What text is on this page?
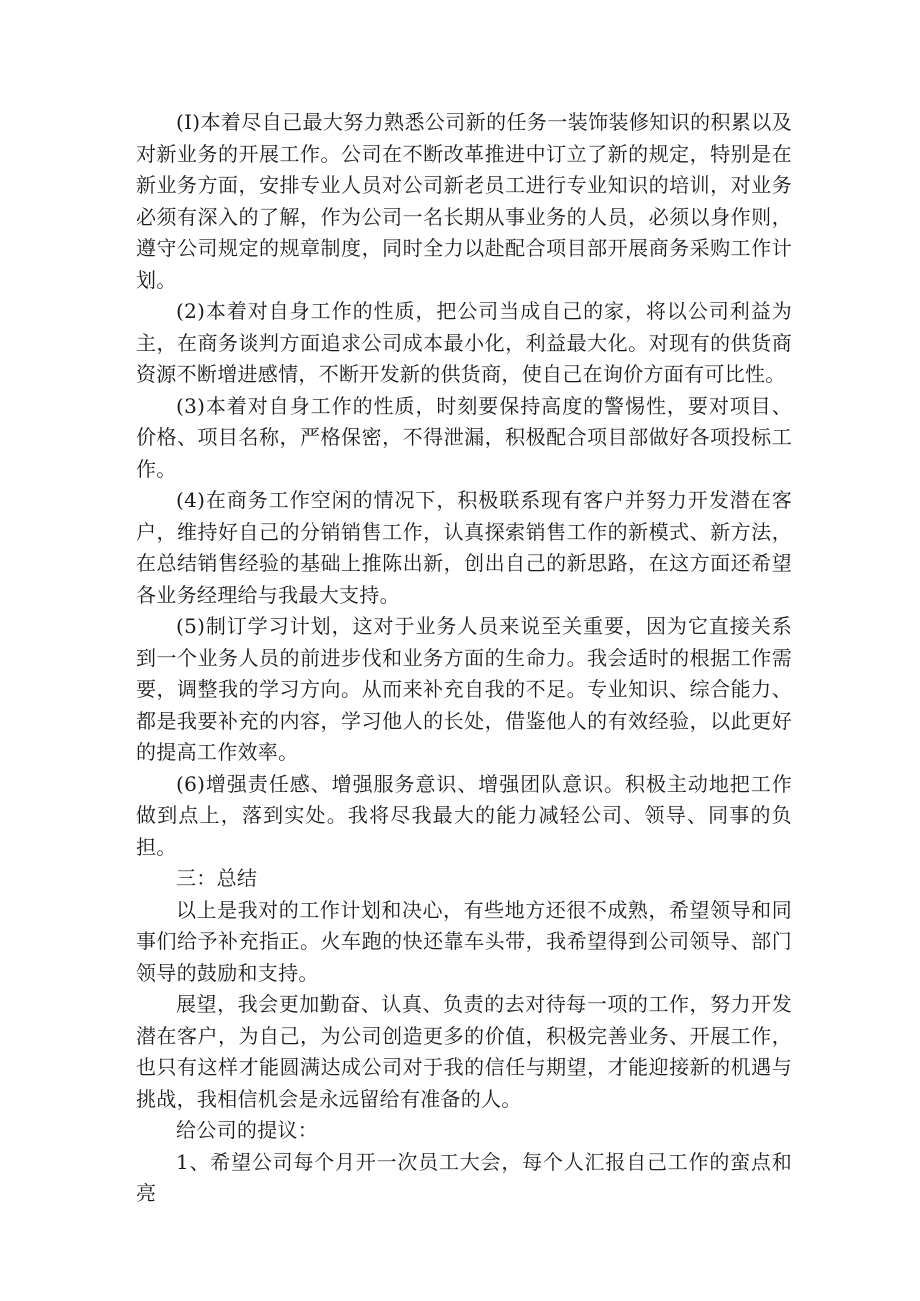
(I)本着尽自己最大努力熟悉公司新的任务一装饰装修知识的积累以及对新业务的开展工作。公司在不断改革推进中订立了新的规定，特别是在新业务方面，安排专业人员对公司新老员工进行专业知识的培训，对业务必须有深入的了解，作为公司一名长期从事业务的人员，必须以身作则，遵守公司规定的规章制度，同时全力以赴配合项目部开展商务采购工作计划。

(2)本着对自身工作的性质，把公司当成自己的家，将以公司利益为主，在商务谈判方面追求公司成本最小化，利益最大化。对现有的供货商资源不断增进感情，不断开发新的供货商，使自己在询价方面有可比性。

(3)本着对自身工作的性质，时刻要保持高度的警惕性，要对项目、价格、项目名称，严格保密，不得泄漏，积极配合项目部做好各项投标工作。

(4)在商务工作空闲的情况下，积极联系现有客户并努力开发潜在客户，维持好自己的分销销售工作，认真探索销售工作的新模式、新方法，在总结销售经验的基础上推陈出新，创出自己的新思路，在这方面还希望各业务经理给与我最大支持。

(5)制订学习计划，这对于业务人员来说至关重要，因为它直接关系到一个业务人员的前进步伐和业务方面的生命力。我会适时的根据工作需要，调整我的学习方向。从而来补充自我的不足。专业知识、综合能力、都是我要补充的内容，学习他人的长处，借鉴他人的有效经验，以此更好的提高工作效率。

(6)增强责任感、增强服务意识、增强团队意识。积极主动地把工作做到点上，落到实处。我将尽我最大的能力减轻公司、领导、同事的负担。

三：总结

以上是我对的工作计划和决心，有些地方还很不成熟，希望领导和同事们给予补充指正。火车跑的快还靠车头带，我希望得到公司领导、部门领导的鼓励和支持。

展望，我会更加勤奋、认真、负责的去对待每一项的工作，努力开发潜在客户，为自己，为公司创造更多的价值，积极完善业务、开展工作，也只有这样才能圆满达成公司对于我的信任与期望，才能迎接新的机遇与挑战，我相信机会是永远留给有准备的人。

给公司的提议：

1、希望公司每个月开一次员工大会，每个人汇报自己工作的蛮点和亮
